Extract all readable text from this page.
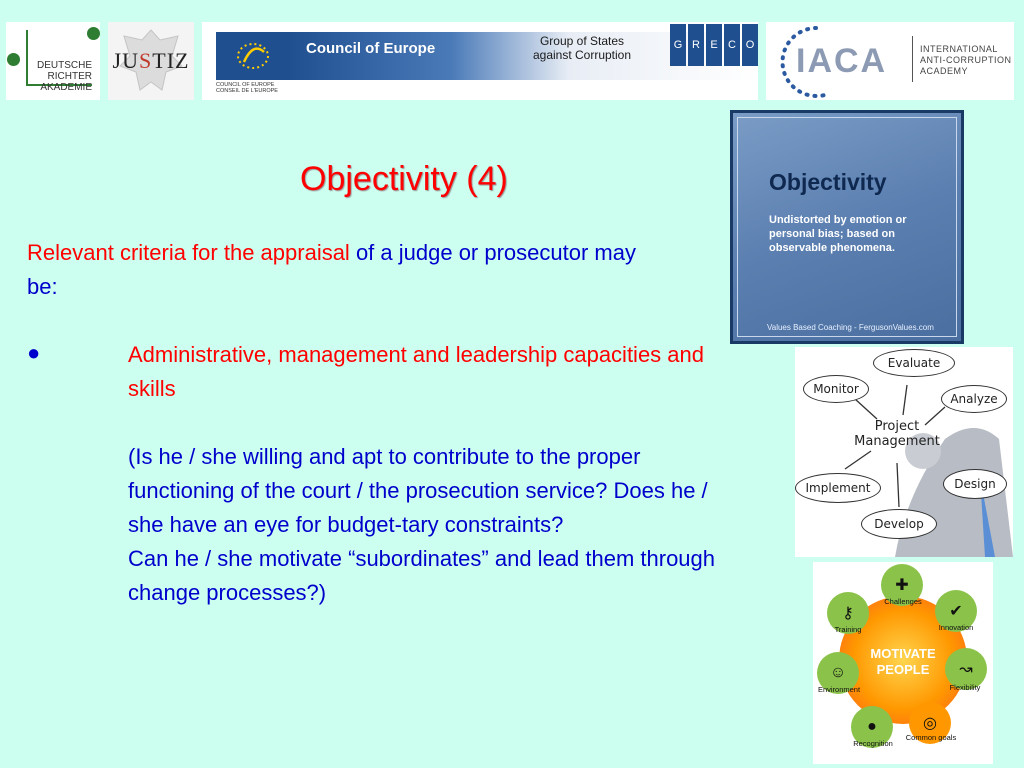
DEUTSCHE
RICHTER
AKADEMIE
JUSTIZ	Council of Europe	Group of States
against Corruption
COUNCIL OF EUROPE CONSEIL DE L'EUROPE
G R E C O IACA	INTERNATIONAL
ANTI-CORRUPTION
ACADEMY
Objectivity (4)
Relevant criteria for the appraisal of a judge or prosecutor may be:
●	Administrative, management and leadership capacities and skills
(Is he / she willing and apt to contribute to the proper functioning of the court / the prosecution service? Does he / she have an eye for budget-tary constraints?
Can he / she motivate “subordinates” and lead them through change processes?)
Objectivity
Undistorted by emotion or personal bias; based on observable phenomena.
Values Based Coaching - FergusonValues.com
Evaluate
Monitor
Analyze
Project
Management
Implement	Design
Develop
MOTIVATE
PEOPLE
✚
Challenges
✔
Innovation
↝
Flexibility
◎
Common goals
●
Recognition
☺
Environment
⚷
Training
